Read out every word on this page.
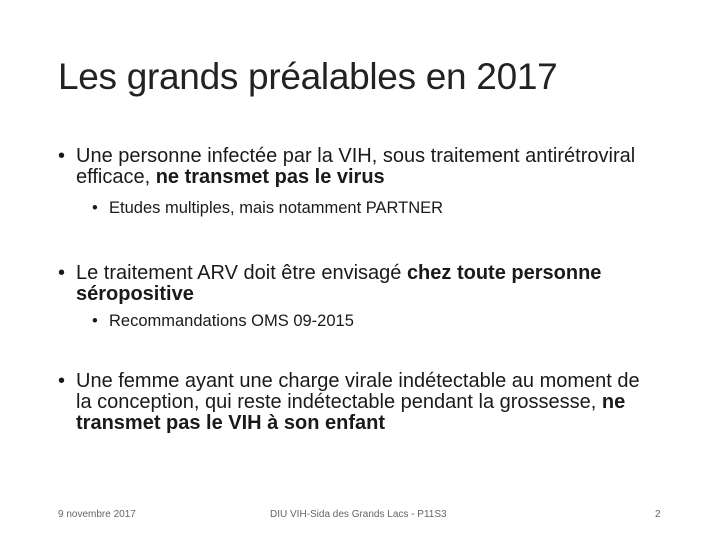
Les grands préalables en 2017
• Une personne infectée par la VIH, sous traitement antirétroviral efficace, ne transmet pas le virus
• Etudes multiples, mais notamment PARTNER
• Le traitement ARV doit être envisagé chez toute personne séropositive
• Recommandations OMS 09-2015
• Une femme ayant une charge virale indétectable au moment de la conception, qui reste indétectable pendant la grossesse, ne transmet pas le VIH à son enfant
9 novembre 2017	DIU VIH-Sida des Grands Lacs - P11S3	2
